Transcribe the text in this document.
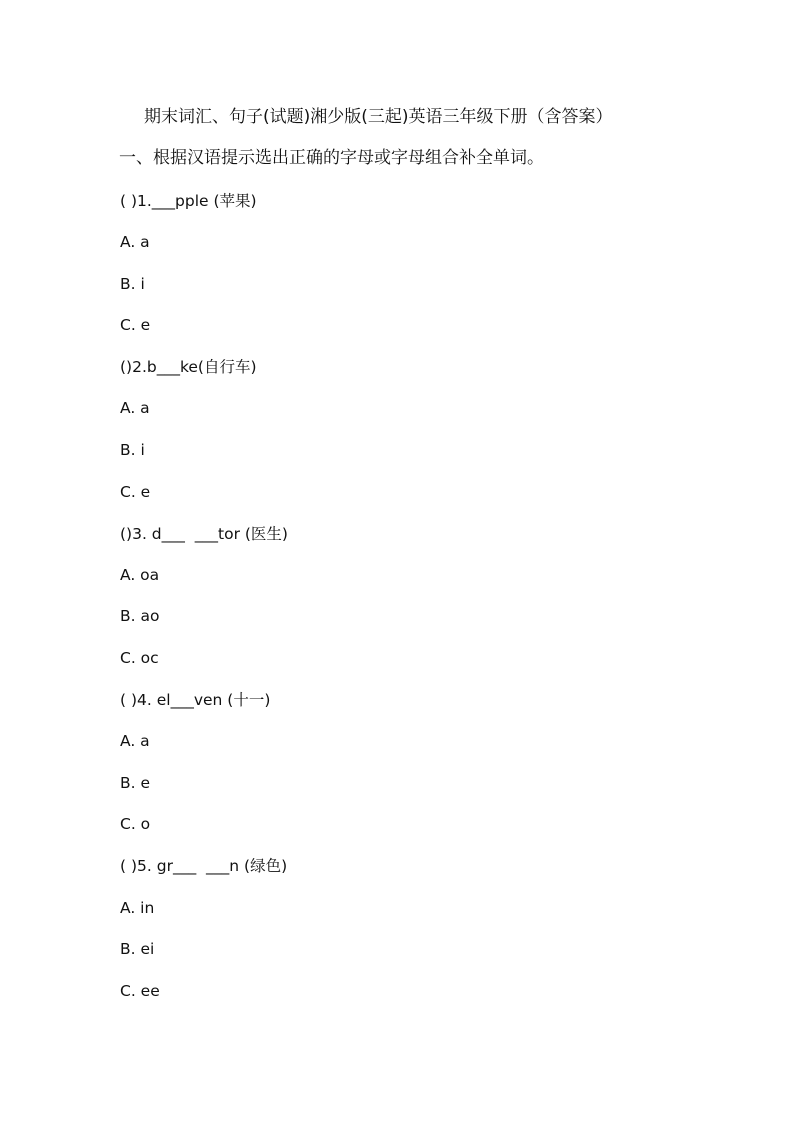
期末词汇、句子(试题)湘少版(三起)英语三年级下册（含答案）
一、根据汉语提示选出正确的字母或字母组合补全单词。
( )1.___pple (苹果)
A. a
B. i
C. e
()2.b___ke(自行车)
A. a
B. i
C. e
()3. d___  ___tor (医生)
A. oa
B. ao
C. oc
( )4. el___ven (十一)
A. a
B. e
C. o
( )5. gr___  ___n (绿色)
A. in
B. ei
C. ee
